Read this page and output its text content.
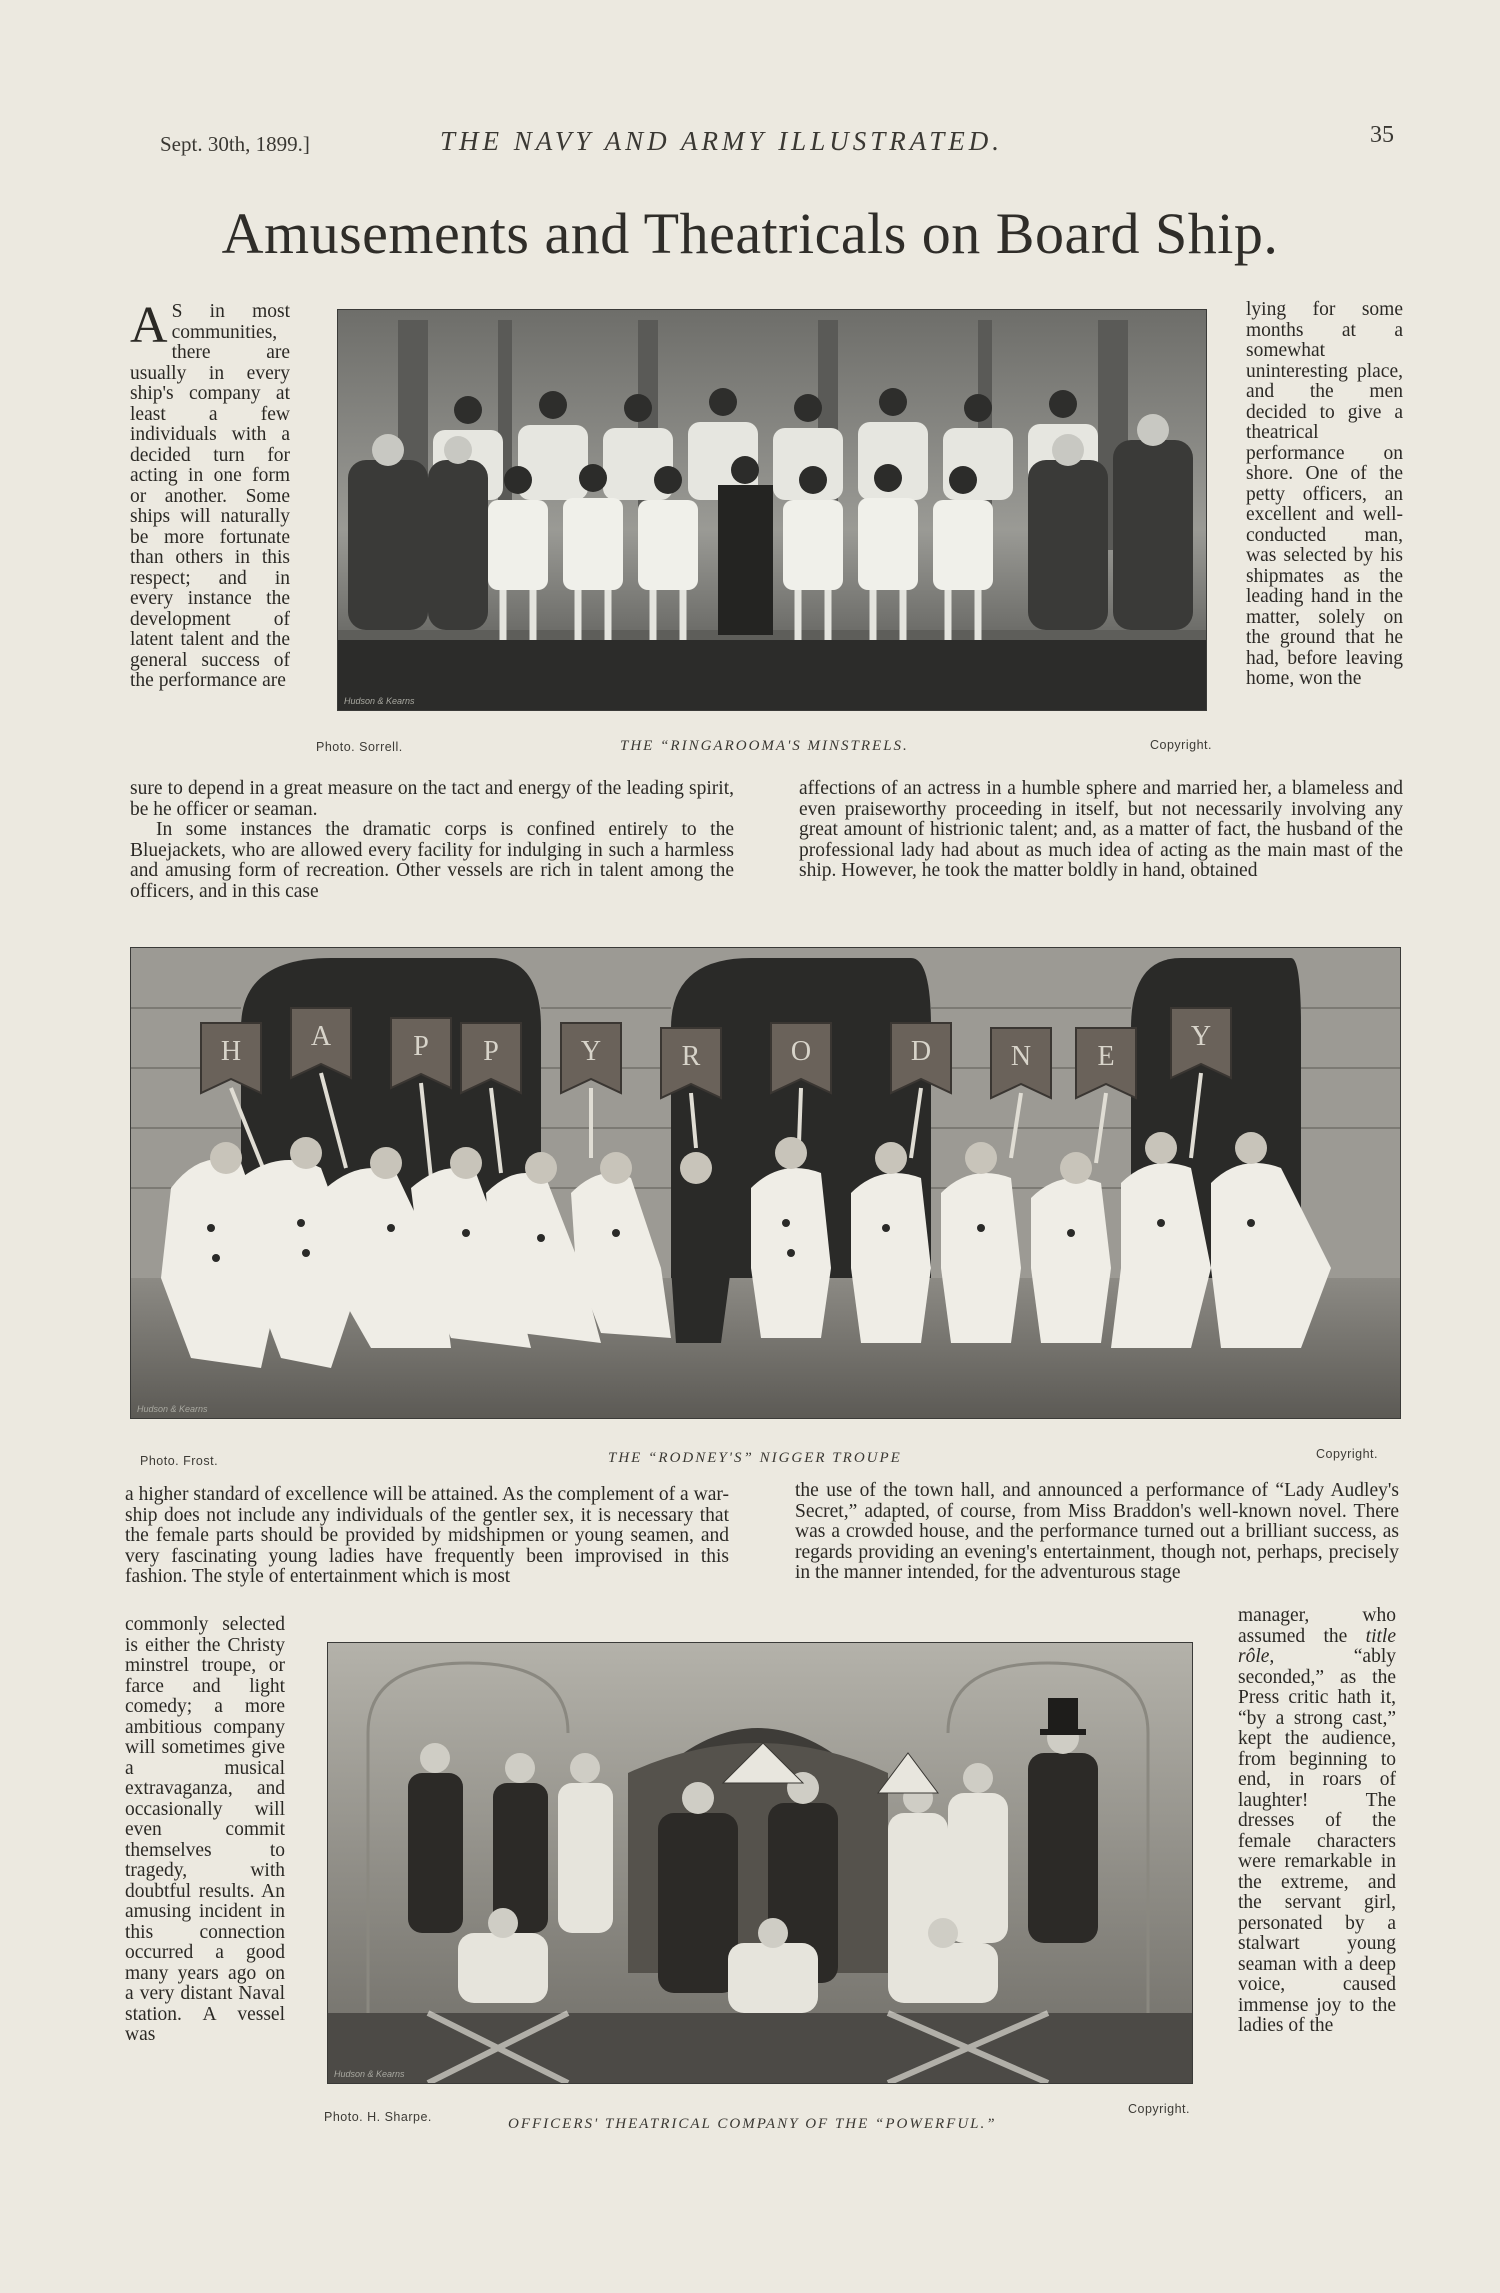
Sept. 30th, 1899.]	THE NAVY AND ARMY ILLUSTRATED.	35
Amusements and Theatricals on Board Ship.
A S in most communities, there are usually in every ship's company at least a few individuals with a decided turn for acting in one form or another. Some ships will naturally be more fortunate than others in this respect; and in every instance the development of latent talent and the general success of the performance are
Hudson & Kearns
Photo. Sorrell.	THE “RINGAROOMA'S MINSTRELS.	Copyright.
lying for some months at a somewhat uninteresting place, and the men decided to give a theatrical performance on shore. One of the petty officers, an excellent and well-conducted man, was selected by his shipmates as the leading hand in the matter, solely on the ground that he had, before leaving home, won the

sure to depend in a great measure on the tact and energy of the leading spirit, be he officer or seaman.

In some instances the dramatic corps is confined entirely to the Bluejackets, who are allowed every facility for indulging in such a harmless and amusing form of recreation. Other vessels are rich in talent among the officers, and in this case

affections of an actress in a humble sphere and married her, a blameless and even praiseworthy proceeding in itself, but not necessarily involving any great amount of histrionic talent; and, as a matter of fact, the husband of the professional lady had about as much idea of acting as the main mast of the ship. However, he took the matter boldly in hand, obtained
H A	P P	Y	R	O	D	N E
Y
Hudson & Kearns
Photo. Frost.	THE “RODNEY'S” NIGGER TROUPE	Copyright.
a higher standard of excellence will be attained. As the complement of a war-ship does not include any individuals of the gentler sex, it is necessary that the female parts should be provided by midshipmen or young seamen, and very fascinating young ladies have frequently been improvised in this fashion. The style of entertainment which is most
the use of the town hall, and announced a performance of “Lady Audley's Secret,” adapted, of course, from Miss Braddon's well-known novel. There was a crowded house, and the performance turned out a brilliant success, as regards providing an evening's entertainment, though not, perhaps, precisely in the manner intended, for the adventurous stage
commonly selected is either the Christy minstrel troupe, or farce and light comedy; a more ambitious company will sometimes give a musical extravaganza, and occasionally will even commit themselves to tragedy, with doubtful results. An amusing incident in this connection occurred a good many years ago on a very distant Naval station. A vessel was
Hudson & Kearns
Photo. H. Sharpe.	OFFICERS' THEATRICAL COMPANY OF THE “POWERFUL.”
Copyright.
manager, who assumed the title rôle, “ably seconded,” as the Press critic hath it, “by a strong cast,” kept the audience, from beginning to end, in roars of laughter! The dresses of the female characters were remarkable in the extreme, and the servant girl, personated by a stalwart young seaman with a deep voice, caused immense joy to the ladies of the
